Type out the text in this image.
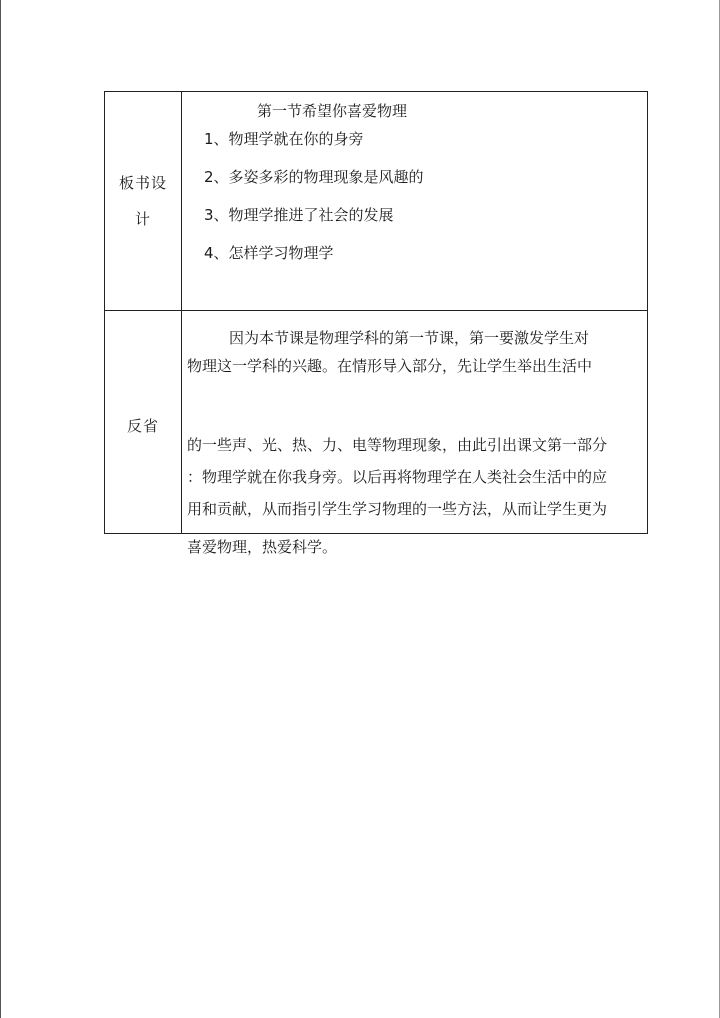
板书设
计
第一节希望你喜爱物理
1、物理学就在你的身旁
2、多姿多彩的物理现象是风趣的
3、物理学推进了社会的发展
4、怎样学习物理学
反省
因为本节课是物理学科的第一节课，第一要激发学生对
物理这一学科的兴趣。在情形导入部分，先让学生举出生活中
的一些声、光、热、力、电等物理现象，由此引出课文第一部分
：物理学就在你我身旁。以后再将物理学在人类社会生活中的应
用和贡献，从而指引学生学习物理的一些方法，从而让学生更为
喜爱物理，热爱科学。
